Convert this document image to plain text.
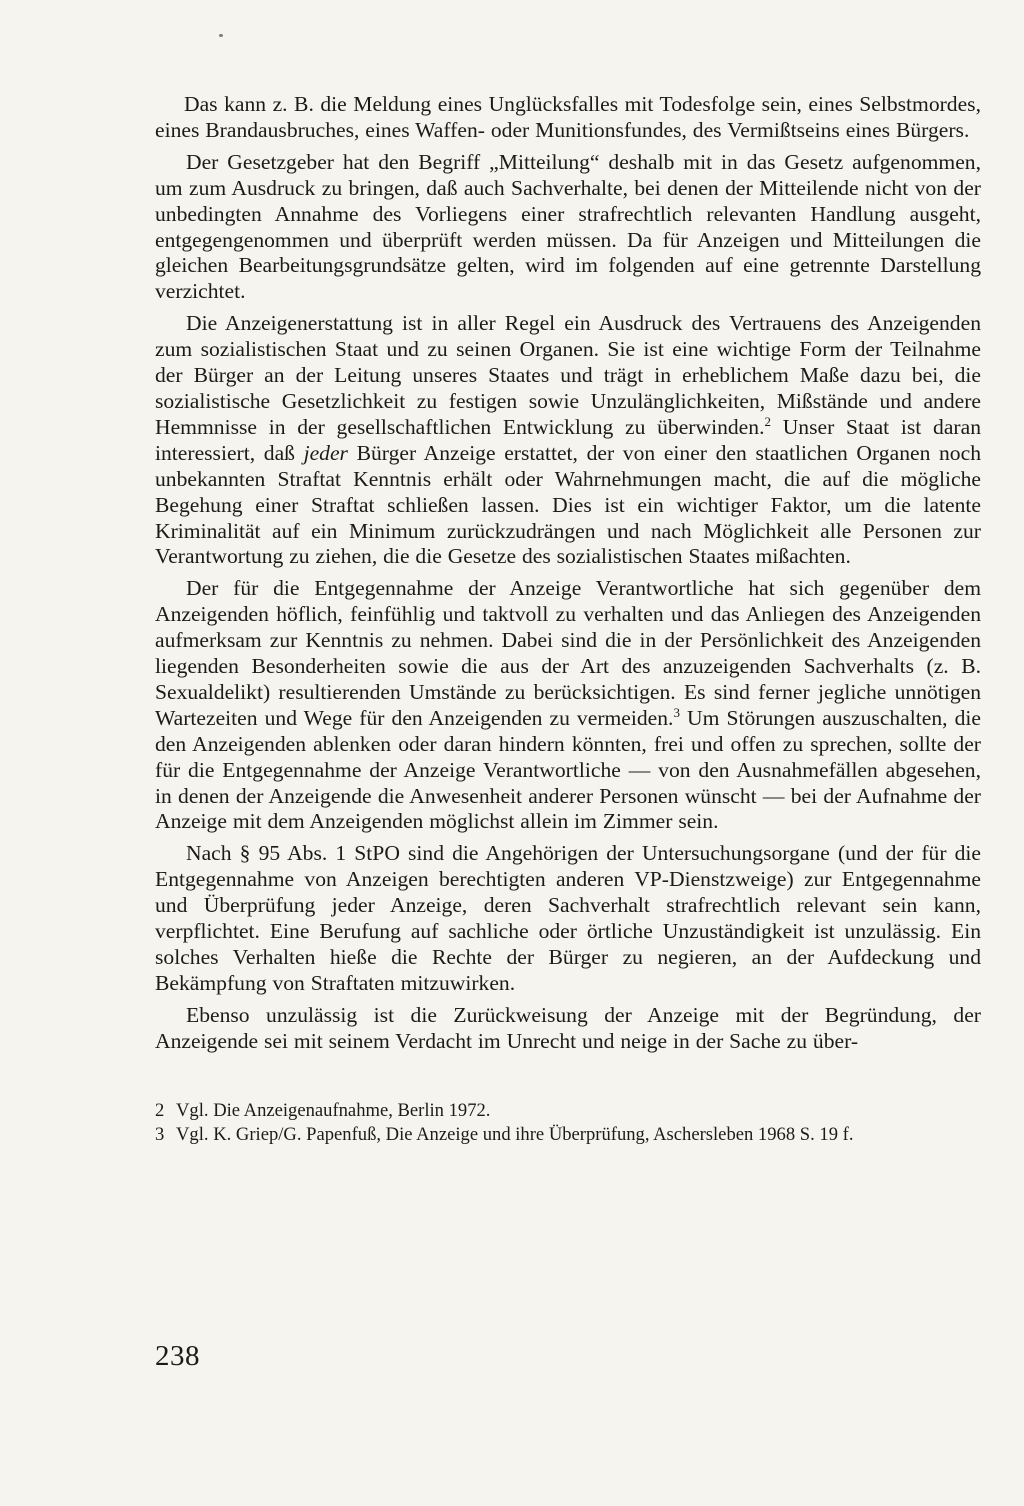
Das kann z. B. die Meldung eines Unglücksfalles mit Todesfolge sein, eines Selbstmordes, eines Brandausbruches, eines Waffen- oder Munitionsfundes, des Vermißtseins eines Bürgers.

Der Gesetzgeber hat den Begriff „Mitteilung“ deshalb mit in das Gesetz aufgenommen, um zum Ausdruck zu bringen, daß auch Sachverhalte, bei denen der Mitteilende nicht von der unbedingten Annahme des Vorliegens einer strafrechtlich relevanten Handlung ausgeht, entgegengenommen und überprüft werden müssen. Da für Anzeigen und Mitteilungen die gleichen Bearbeitungsgrundsätze gelten, wird im folgenden auf eine getrennte Darstellung verzichtet.

Die Anzeigenerstattung ist in aller Regel ein Ausdruck des Vertrauens des Anzeigenden zum sozialistischen Staat und zu seinen Organen. Sie ist eine wichtige Form der Teilnahme der Bürger an der Leitung unseres Staates und trägt in erheblichem Maße dazu bei, die sozialistische Gesetzlichkeit zu festigen sowie Unzulänglichkeiten, Mißstände und andere Hemmnisse in der gesellschaftlichen Entwicklung zu überwinden.$^2$ Unser Staat ist daran interessiert, daß jeder Bürger Anzeige erstattet, der von einer den staatlichen Organen noch unbekannten Straftat Kenntnis erhält oder Wahrnehmungen macht, die auf die mögliche Begehung einer Straftat schließen lassen. Dies ist ein wichtiger Faktor, um die latente Kriminalität auf ein Minimum zurückzudrängen und nach Möglichkeit alle Personen zur Verantwortung zu ziehen, die die Gesetze des sozialistischen Staates mißachten.

Der für die Entgegennahme der Anzeige Verantwortliche hat sich gegenüber dem Anzeigenden höflich, feinfühlig und taktvoll zu verhalten und das Anliegen des Anzeigenden aufmerksam zur Kenntnis zu nehmen. Dabei sind die in der Persönlichkeit des Anzeigenden liegenden Besonderheiten sowie die aus der Art des anzuzeigenden Sachverhalts (z. B. Sexualdelikt) resultierenden Umstände zu berücksichtigen. Es sind ferner jegliche unnötigen Wartezeiten und Wege für den Anzeigenden zu vermeiden.$^3$ Um Störungen auszuschalten, die den Anzeigenden ablenken oder daran hindern könnten, frei und offen zu sprechen, sollte der für die Entgegennahme der Anzeige Verantwortliche — von den Ausnahmefällen abgesehen, in denen der Anzeigende die Anwesenheit anderer Personen wünscht — bei der Aufnahme der Anzeige mit dem Anzeigenden möglichst allein im Zimmer sein.

Nach § 95 Abs. 1 StPO sind die Angehörigen der Untersuchungsorgane (und der für die Entgegennahme von Anzeigen berechtigten anderen VP-Dienstzweige) zur Entgegennahme und Überprüfung jeder Anzeige, deren Sachverhalt strafrechtlich relevant sein kann, verpflichtet. Eine Berufung auf sachliche oder örtliche Unzuständigkeit ist unzulässig. Ein solches Verhalten hieße die Rechte der Bürger zu negieren, an der Aufdeckung und Bekämpfung von Straftaten mitzuwirken.

Ebenso unzulässig ist die Zurückweisung der Anzeige mit der Begründung, der Anzeigende sei mit seinem Verdacht im Unrecht und neige in der Sache zu über-

2 Vgl. Die Anzeigenaufnahme, Berlin 1972.

3 Vgl. K. Griep/G. Papenfuß, Die Anzeige und ihre Überprüfung, Aschersleben 1968 S. 19 f.

238
